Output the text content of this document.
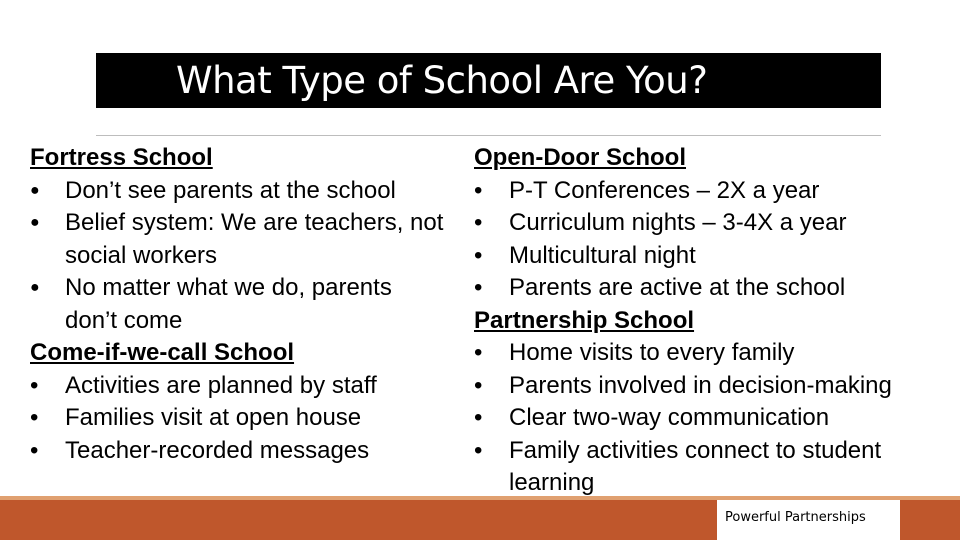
What Type of School Are You?
Fortress School
●	Don’t see parents at the school
●	Belief system: We are teachers, not social workers
●	No matter what we do, parents don’t come
Come-if-we-call School
•	Activities are planned by staff
•	Families visit at open house
•	Teacher-recorded messages
Open-Door School
•	P-T Conferences – 2X a year
•	Curriculum nights – 3-4X a year
•	Multicultural night
•	Parents are active at the school
Partnership School
•	Home visits to every family
•	Parents involved in decision-making
•	Clear two-way communication
•	Family activities connect to student learning
Powerful Partnerships
